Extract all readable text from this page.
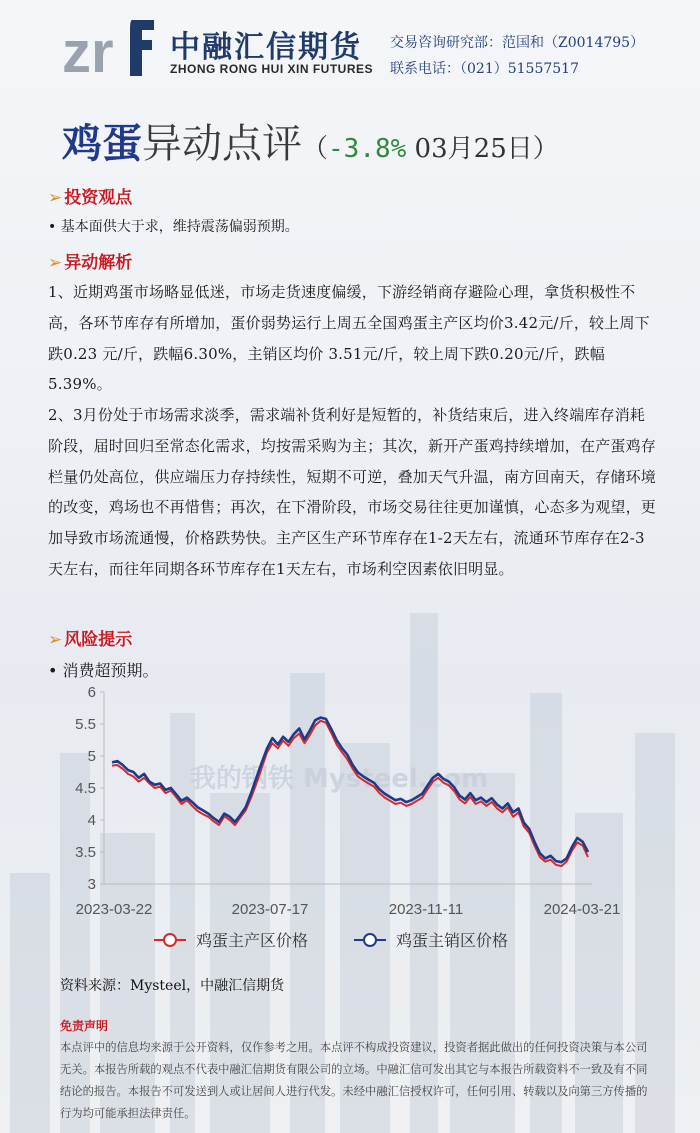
zr 中融汇信期货
ZHONG RONG HUI XIN FUTURES
交易咨询研究部：范国和（Z0014795）
联系电话：（021）51557517
鸡蛋异动点评（-3.8% 03月25日）
➢ 投资观点
• 基本面供大于求，维持震荡偏弱预期。
➢ 异动解析
1、近期鸡蛋市场略显低迷，市场走货速度偏缓，下游经销商存避险心理，拿货积极性不高，各环节库存有所增加，蛋价弱势运行上周五全国鸡蛋主产区均价3.42元/斤，较上周下跌0.23 元/斤，跌幅6.30%，主销区均价 3.51元/斤，较上周下跌0.20元/斤，跌幅5.39%。
2、3月份处于市场需求淡季，需求端补货利好是短暂的，补货结束后，进入终端库存消耗阶段，届时回归至常态化需求，均按需采购为主；其次，新开产蛋鸡持续增加，在产蛋鸡存栏量仍处高位，供应端压力存持续性，短期不可逆，叠加天气升温，南方回南天，存储环境的改变，鸡场也不再惜售；再次，在下滑阶段，市场交易往往更加谨慎，心态多为观望，更加导致市场流通慢，价格跌势快。主产区生产环节库存在1-2天左右，流通环节库存在2-3天左右，而往年同期各环节库存在1天左右，市场利空因素依旧明显。
➢ 风险提示
• 消费超预期。
我的钢铁 Mysteel.com
6
5.5
5
4.5
4
3.5
3
2023-03-22	2023-07-17	2023-11-11	2024-03-21
鸡蛋主产区价格	鸡蛋主销区价格
资料来源：Mysteel，中融汇信期货
免责声明
本点评中的信息均来源于公开资料，仅作参考之用。本点评不构成投资建议，投资者据此做出的任何投资决策与本公司无关。本报告所载的观点不代表中融汇信期货有限公司的立场。中融汇信可发出其它与本报告所载资料不一致及有不同结论的报告。本报告不可发送到人或让居间人进行代发。未经中融汇信授权许可，任何引用、转载以及向第三方传播的行为均可能承担法律责任。
